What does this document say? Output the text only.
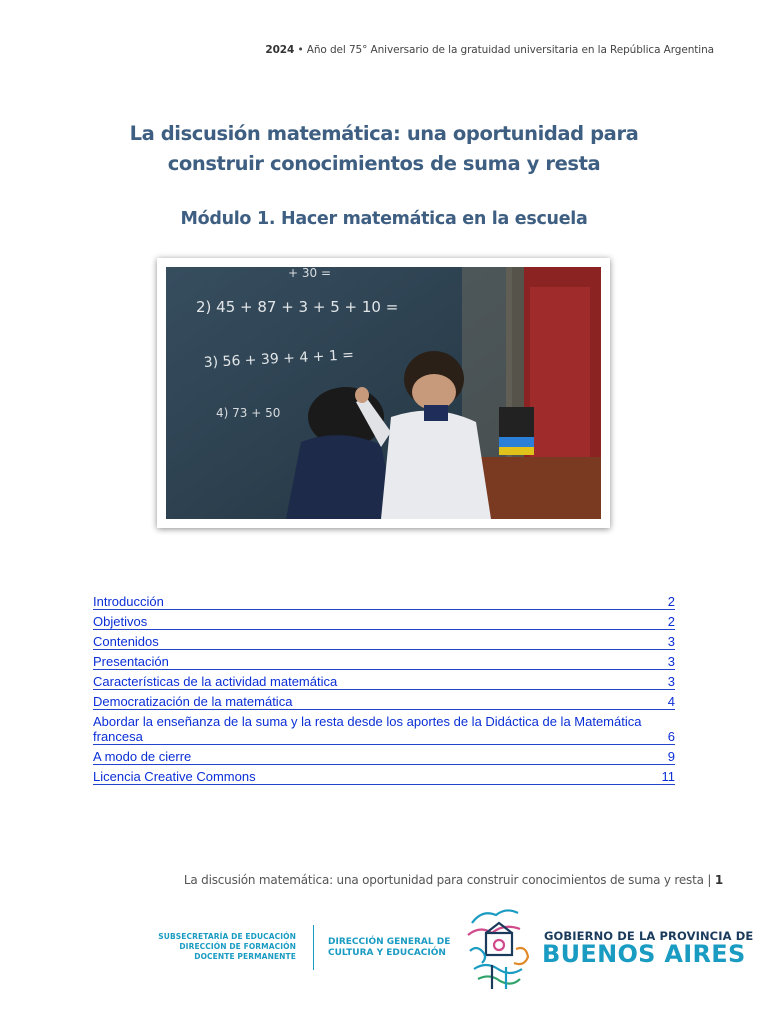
2024 • Año del 75° Aniversario de la gratuidad universitaria en la República Argentina
La discusión matemática: una oportunidad para
construir conocimientos de suma y resta
Módulo 1. Hacer matemática en la escuela
+ 30 =
2) 45 + 87 + 3 + 5 + 10 =
3) 56 + 39 + 4 + 1 =
4) 73 + 50
Introducción	2
Objetivos	2
Contenidos	3
Presentación	3
Características de la actividad matemática	3
Democratización de la matemática	4
Abordar la enseñanza de la suma y la resta desde los aportes de la Didáctica de la Matemática francesa	6
A modo de cierre	9
Licencia Creative Commons	11
La discusión matemática: una oportunidad para construir conocimientos de suma y resta | 1
SUBSECRETARÍA DE EDUCACIÓN
DIRECCIÓN DE FORMACIÓN
DOCENTE PERMANENTE
DIRECCIÓN GENERAL DE
CULTURA Y EDUCACIÓN
GOBIERNO DE LA PROVINCIA DE
BUENOS AIRES
